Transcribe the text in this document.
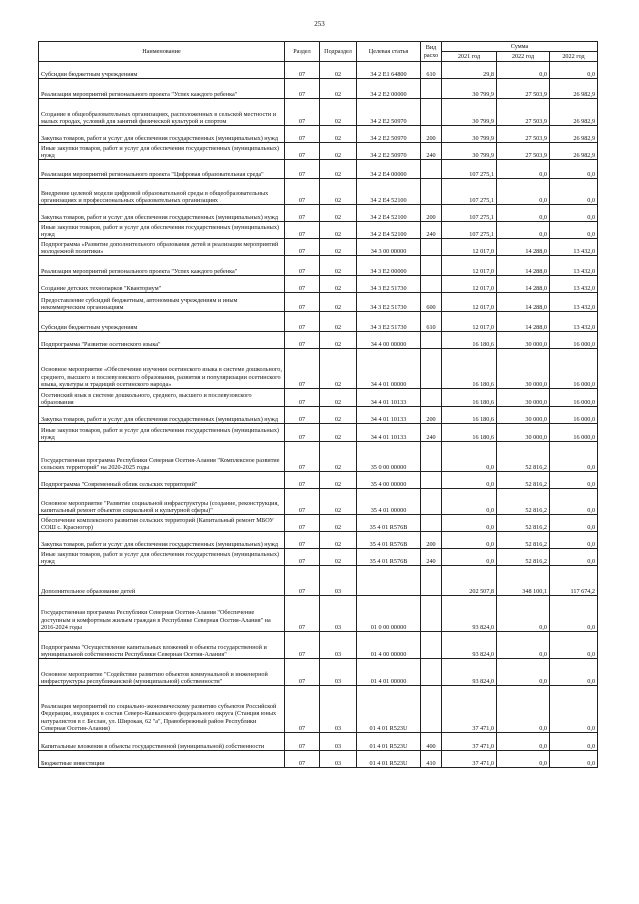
253
Наименование	Раздел	Подраздел	Целевая статья	Вид расхо	Сумма		
					2021 год	2022 год	2022 год
Субсидии бюджетным учреждениям	07	02	34 2 Е1 64800	610	29,8	0,0	0,0
Реализация мероприятий регионального проекта "Успех каждого ребенка"	07	02	34 2 Е2 00000		30 799,9	27 503,9	26 982,9
Создание в общеобразовательных организациях, расположенных в сельской местности и малых городах, условий для занятий физической культурой и спортом	07	02	34 2 Е2 50970		30 799,9	27 503,9	26 982,9
Закупка товаров, работ и услуг для обеспечения государственных (муниципальных) нужд	07	02	34 2 Е2 50970	200	30 799,9	27 503,9	26 982,9
Иные закупки товаров, работ и услуг для обеспечения государственных (муниципальных) нужд	07	02	34 2 Е2 50970	240	30 799,9	27 503,9	26 982,9
Реализация мероприятий регионального проекта "Цифровая образовательная среда"	07	02	34 2 Е4 00000		107 275,1	0,0	0,0
Внедрение целевой модели цифровой образовательной среды в общеобразовательных организациях и профессиональных образовательных организациях	07	02	34 2 Е4 52100		107 275,1	0,0	0,0
Закупка товаров, работ и услуг для обеспечения государственных (муниципальных) нужд	07	02	34 2 Е4 52100	200	107 275,1	0,0	0,0
Иные закупки товаров, работ и услуг для обеспечения государственных (муниципальных) нужд	07	02	34 2 Е4 52100	240	107 275,1	0,0	0,0
Подпрограмма «Развитие дополнительного образования детей и реализация мероприятий молодежной политики»	07	02	34 3 00 00000		12 017,0	14 288,0	13 432,0
Реализация мероприятий регионального проекта "Успех каждого ребенка"	07	02	34 3 Е2 00000		12 017,0	14 288,0	13 432,0
Создание детских технопарков "Кванториум"	07	02	34 3 Е2 51730		12 017,0	14 288,0	13 432,0
Предоставление субсидий бюджетным, автономным учреждениям и иным некоммерческим организациям	07	02	34 3 Е2 51730	600	12 017,0	14 288,0	13 432,0
Субсидии бюджетным учреждениям	07	02	34 3 Е2 51730	610	12 017,0	14 288,0	13 432,0
Подпрограмма "Развитие осетинского языка"	07	02	34 4 00 00000		16 180,6	30 000,0	16 000,0
Основное мероприятие «Обеспечение изучения осетинского языка в системе дошкольного, среднего, высшего и послевузовского образования, развития и популяризации осетинского языка, культуры и традиций осетинского народа»	07	02	34 4 01 00000		16 180,6	30 000,0	16 000,0
Осетинский язык в системе дошкольного, среднего, высшего и послевузовского образования	07	02	34 4 01 10133		16 180,6	30 000,0	16 000,0
Закупка товаров, работ и услуг для обеспечения государственных (муниципальных) нужд	07	02	34 4 01 10133	200	16 180,6	30 000,0	16 000,0
Иные закупки товаров, работ и услуг для обеспечения государственных (муниципальных) нужд	07	02	34 4 01 10133	240	16 180,6	30 000,0	16 000,0
Государственная программа Республики Северная Осетия-Алания "Комплексное развитие сельских территорий" на 2020-2025 годы	07	02	35 0 00 00000		0,0	52 816,2	0,0
Подпрограмма "Современный облик сельских территорий"	07	02	35 4 00 00000		0,0	52 816,2	0,0
Основное мероприятие "Развитие социальной инфраструктуры (создание, реконструкция, капитальный ремонт объектов социальной и культурной сферы)"	07	02	35 4 01 00000		0,0	52 816,2	0,0
Обеспечение комплексного развития сельских территорий (Капитальный ремонт МБОУ СОШ с. Красногор)	07	02	35 4 01 R576B		0,0	52 816,2	0,0
Закупка товаров, работ и услуг для обеспечения государственных (муниципальных) нужд	07	02	35 4 01 R576B	200	0,0	52 816,2	0,0
Иные закупки товаров, работ и услуг для обеспечения государственных (муниципальных) нужд	07	02	35 4 01 R576B	240	0,0	52 816,2	0,0
Дополнительное образование детей	07	03			202 507,8	348 100,1	117 674,2
Государственная программа Республики Северная Осетия-Алания "Обеспечение доступным и комфортным жильем граждан в Республике Северная Осетия-Алания" на 2016-2024 годы	07	03	01 0 00 00000		93 824,0	0,0	0,0
Подпрограмма "Осуществление капитальных вложений в объекты государственной и муниципальной собственности Республики Северная Осетия-Алания"	07	03	01 4 00 00000		93 824,0	0,0	0,0
Основное мероприятие "Содействие развитию объектов коммунальной и инженерной инфраструктуры республиканской (муниципальной) собственности"	07	03	01 4 01 00000		93 824,0	0,0	0,0
Реализация мероприятий по социально-экономическому развитию субъектов Российской Федерации, входящих в состав Северо-Кавказского федерального округа (Станция юных натуралистов в г. Беслан, ул. Широкая, 62 "а", Правобережный район Республики Северная Осетия-Алания)	07	03	01 4 01 R523U		37 471,0	0,0	0,0
Капитальные вложения в объекты государственной (муниципальной) собственности	07	03	01 4 01 R523U	400	37 471,0	0,0	0,0
Бюджетные инвестиции	07	03	01 4 01 R523U	410	37 471,0	0,0	0,0
